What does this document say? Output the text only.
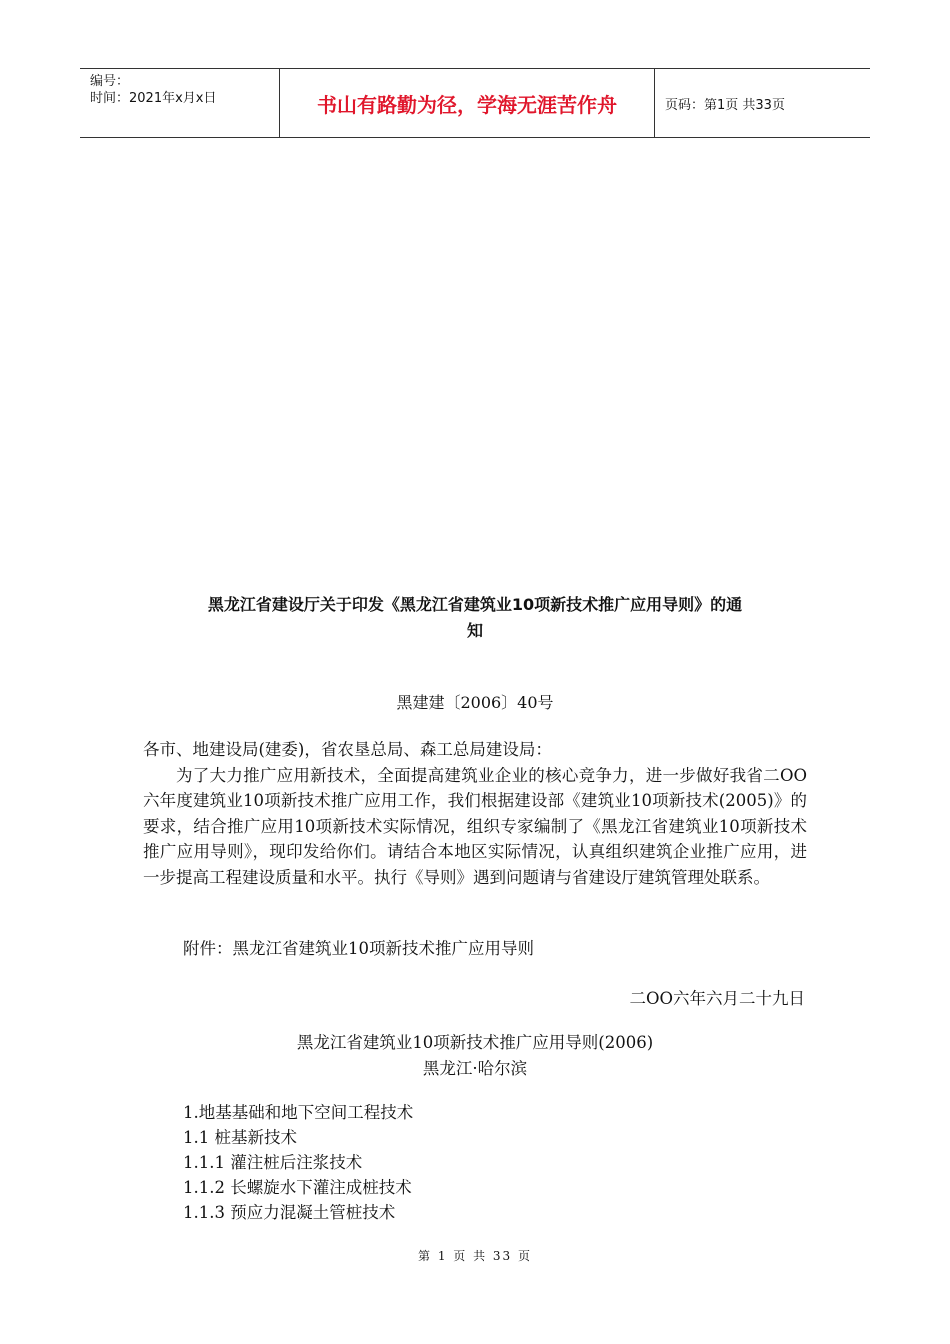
编号：
时间：2021年x月x日	书山有路勤为径，学海无涯苦作舟	页码：第1页 共33页
黑龙江省建设厅关于印发《黑龙江省建筑业10项新技术推广应用导则》的通
知
黑建建〔2006〕40号

各市、地建设局(建委)，省农垦总局、森工总局建设局：

为了大力推广应用新技术，全面提高建筑业企业的核心竞争力，进一步做好我省二OO六年度建筑业10项新技术推广应用工作，我们根据建设部《建筑业10项新技术(2005)》的要求，结合推广应用10项新技术实际情况，组织专家编制了《黑龙江省建筑业10项新技术推广应用导则》，现印发给你们。请结合本地区实际情况，认真组织建筑企业推广应用，进一步提高工程建设质量和水平。执行《导则》遇到问题请与省建设厅建筑管理处联系。

附件：黑龙江省建筑业10项新技术推广应用导则
二OO六年六月二十九日
黑龙江省建筑业10项新技术推广应用导则(2006)
黑龙江·哈尔滨
1.地基基础和地下空间工程技术
1.1 桩基新技术
1.1.1 灌注桩后注浆技术
1.1.2 长螺旋水下灌注成桩技术
1.1.3 预应力混凝土管桩技术
第 1 页 共 33 页
